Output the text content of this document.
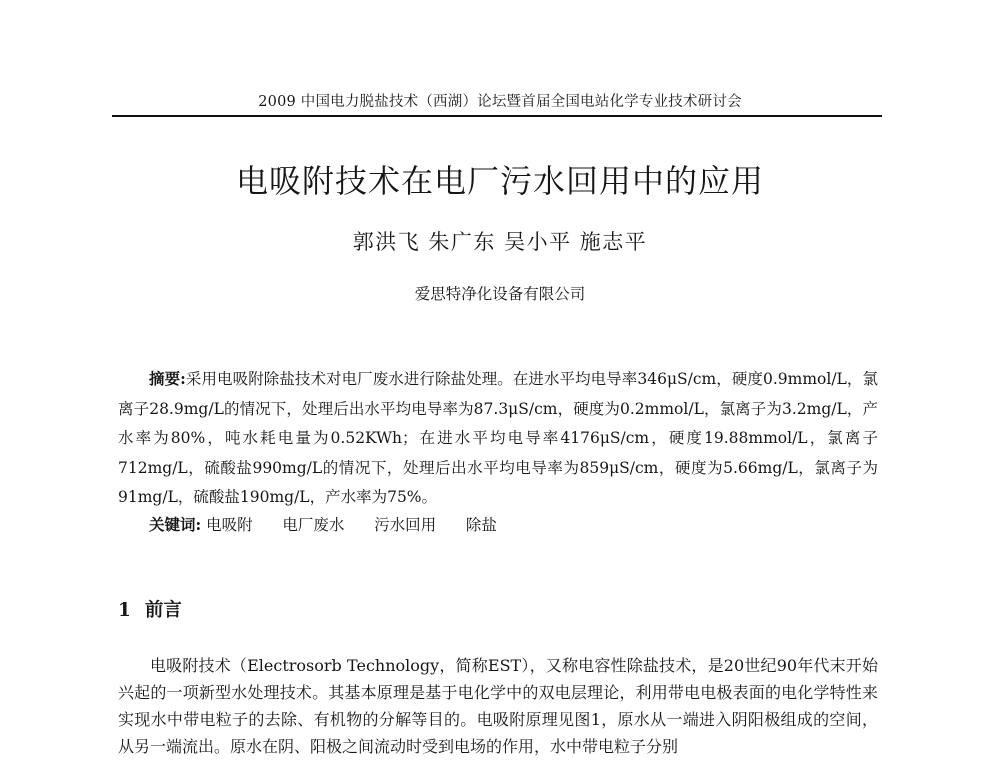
2009 中国电力脱盐技术（西湖）论坛暨首届全国电站化学专业技术研讨会
电吸附技术在电厂污水回用中的应用
郭洪飞 朱广东 吴小平 施志平
爱思特净化设备有限公司
摘要:采用电吸附除盐技术对电厂废水进行除盐处理。在进水平均电导率346μS/cm，硬度0.9mmol/L，氯离子28.9mg/L的情况下，处理后出水平均电导率为87.3μS/cm，硬度为0.2mmol/L，氯离子为3.2mg/L，产水率为80%，吨水耗电量为0.52KWh；在进水平均电导率4176μS/cm，硬度19.88mmol/L，氯离子712mg/L，硫酸盐990mg/L的情况下，处理后出水平均电导率为859μS/cm，硬度为5.66mg/L，氯离子为91mg/L，硫酸盐190mg/L，产水率为75%。
关键词: 电吸附 电厂废水 污水回用 除盐
1 前言
电吸附技术（Electrosorb Technology，简称EST），又称电容性除盐技术，是20世纪90年代末开始兴起的一项新型水处理技术。其基本原理是基于电化学中的双电层理论，利用带电电极表面的电化学特性来实现水中带电粒子的去除、有机物的分解等目的。电吸附原理见图1，原水从一端进入阴阳极组成的空间，从另一端流出。原水在阴、阳极之间流动时受到电场的作用，水中带电粒子分别
